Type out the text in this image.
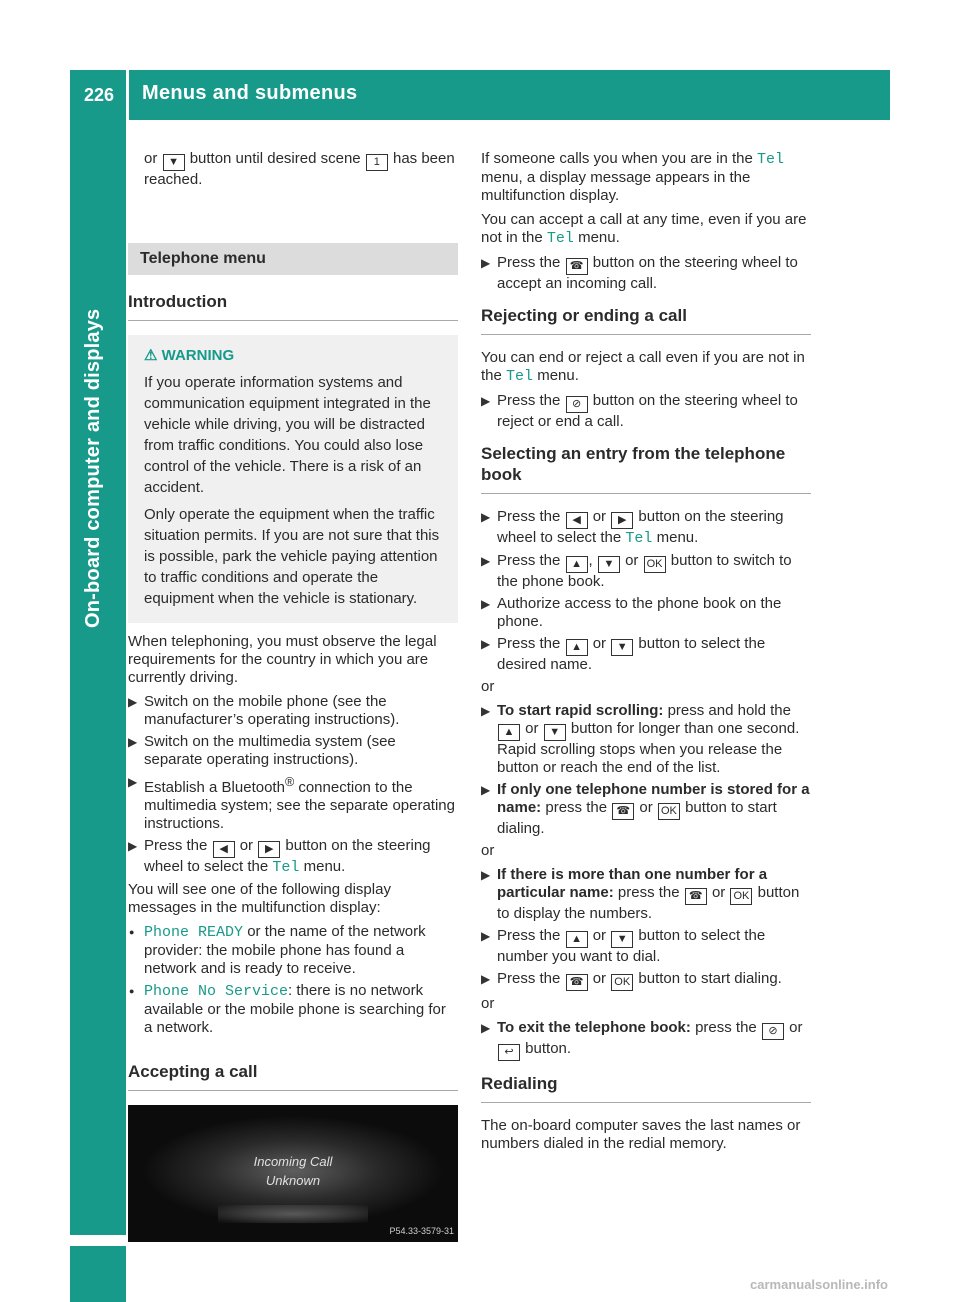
226 Menus and submenus
On-board computer and displays

or ▼ button until desired scene 1 has been reached.

Telephone menu
Introduction
⚠ WARNING

If you operate information systems and communication equipment integrated in the vehicle while driving, you will be distracted from traffic conditions. You could also lose control of the vehicle. There is a risk of an accident.

Only operate the equipment when the traffic situation permits. If you are not sure that this is possible, park the vehicle paying attention to traffic conditions and operate the equipment when the vehicle is stationary.

When telephoning, you must observe the legal requirements for the country in which you are currently driving.

▶ Switch on the mobile phone (see the manufacturer’s operating instructions).
▶ Switch on the multimedia system (see separate operating instructions).
▶ Establish a Bluetooth® connection to the multimedia system; see the separate operating instructions.
▶ Press the ◀ or ▶ button on the steering wheel to select the Tel menu.

You will see one of the following display messages in the multifunction display:

● Phone READY or the name of the network provider: the mobile phone has found a network and is ready to receive.
● Phone No Service: there is no network available or the mobile phone is searching for a network.
Accepting a call
Incoming Call
Unknown
P54.33-3579-31

If someone calls you when you are in the Tel menu, a display message appears in the multifunction display.

You can accept a call at any time, even if you are not in the Tel menu.

▶ Press the ☎ button on the steering wheel to accept an incoming call.
Rejecting or ending a call

You can end or reject a call even if you are not in the Tel menu.

▶ Press the ⊘ button on the steering wheel to reject or end a call.
Selecting an entry from the telephone book
▶ Press the ◀ or ▶ button on the steering wheel to select the Tel menu.
▶ Press the ▲ , ▼ or OK button to switch to the phone book.
▶ Authorize access to the phone book on the phone.
▶ Press the ▲ or ▼ button to select the desired name.

or

▶ To start rapid scrolling: press and hold the ▲ or ▼ button for longer than one second.
Rapid scrolling stops when you release the button or reach the end of the list.
▶ If only one telephone number is stored for a name: press the ☎ or OK button to start dialing.

or

▶ If there is more than one number for a particular name: press the ☎ or OK button to display the numbers.
▶ Press the ▲ or ▼ button to select the number you want to dial.
▶ Press the ☎ or OK button to start dialing.

or

▶ To exit the telephone book: press the ⊘ or ↩ button.
Redialing

The on-board computer saves the last names or numbers dialed in the redial memory.

carmanualsonline.info
